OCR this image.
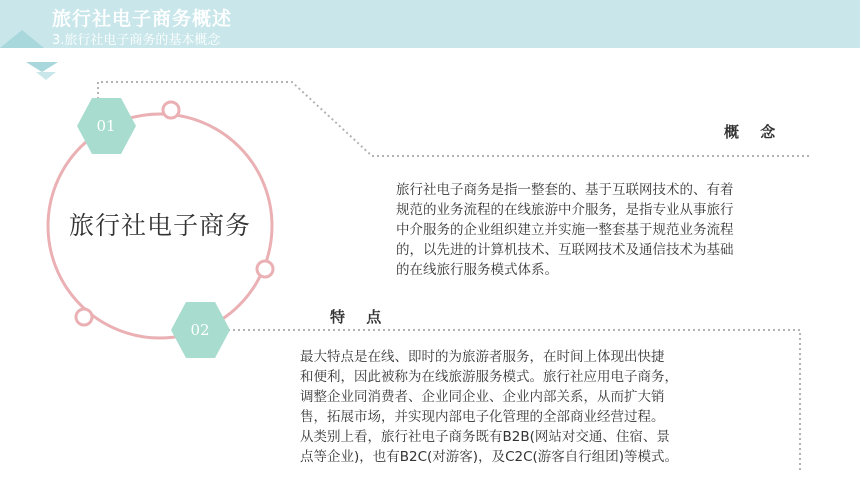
旅行社电子商务概述
3.旅行社电子商务的基本概念
01
02
旅行社电子商务
概 念
旅行社电子商务是指一整套的、基于互联网技术的、有着
规范的业务流程的在线旅游中介服务，是指专业从事旅行
中介服务的企业组织建立并实施一整套基于规范业务流程
的，以先进的计算机技术、互联网技术及通信技术为基础
的在线旅行服务模式体系。
特 点
最大特点是在线、即时的为旅游者服务，在时间上体现出快捷
和便利，因此被称为在线旅游服务模式。旅行社应用电子商务，
调整企业同消费者、企业同企业、企业内部关系，从而扩大销
售，拓展市场，并实现内部电子化管理的全部商业经营过程。
从类别上看，旅行社电子商务既有B2B(网站对交通、住宿、景
点等企业)，也有B2C(对游客)，及C2C(游客自行组团)等模式。
